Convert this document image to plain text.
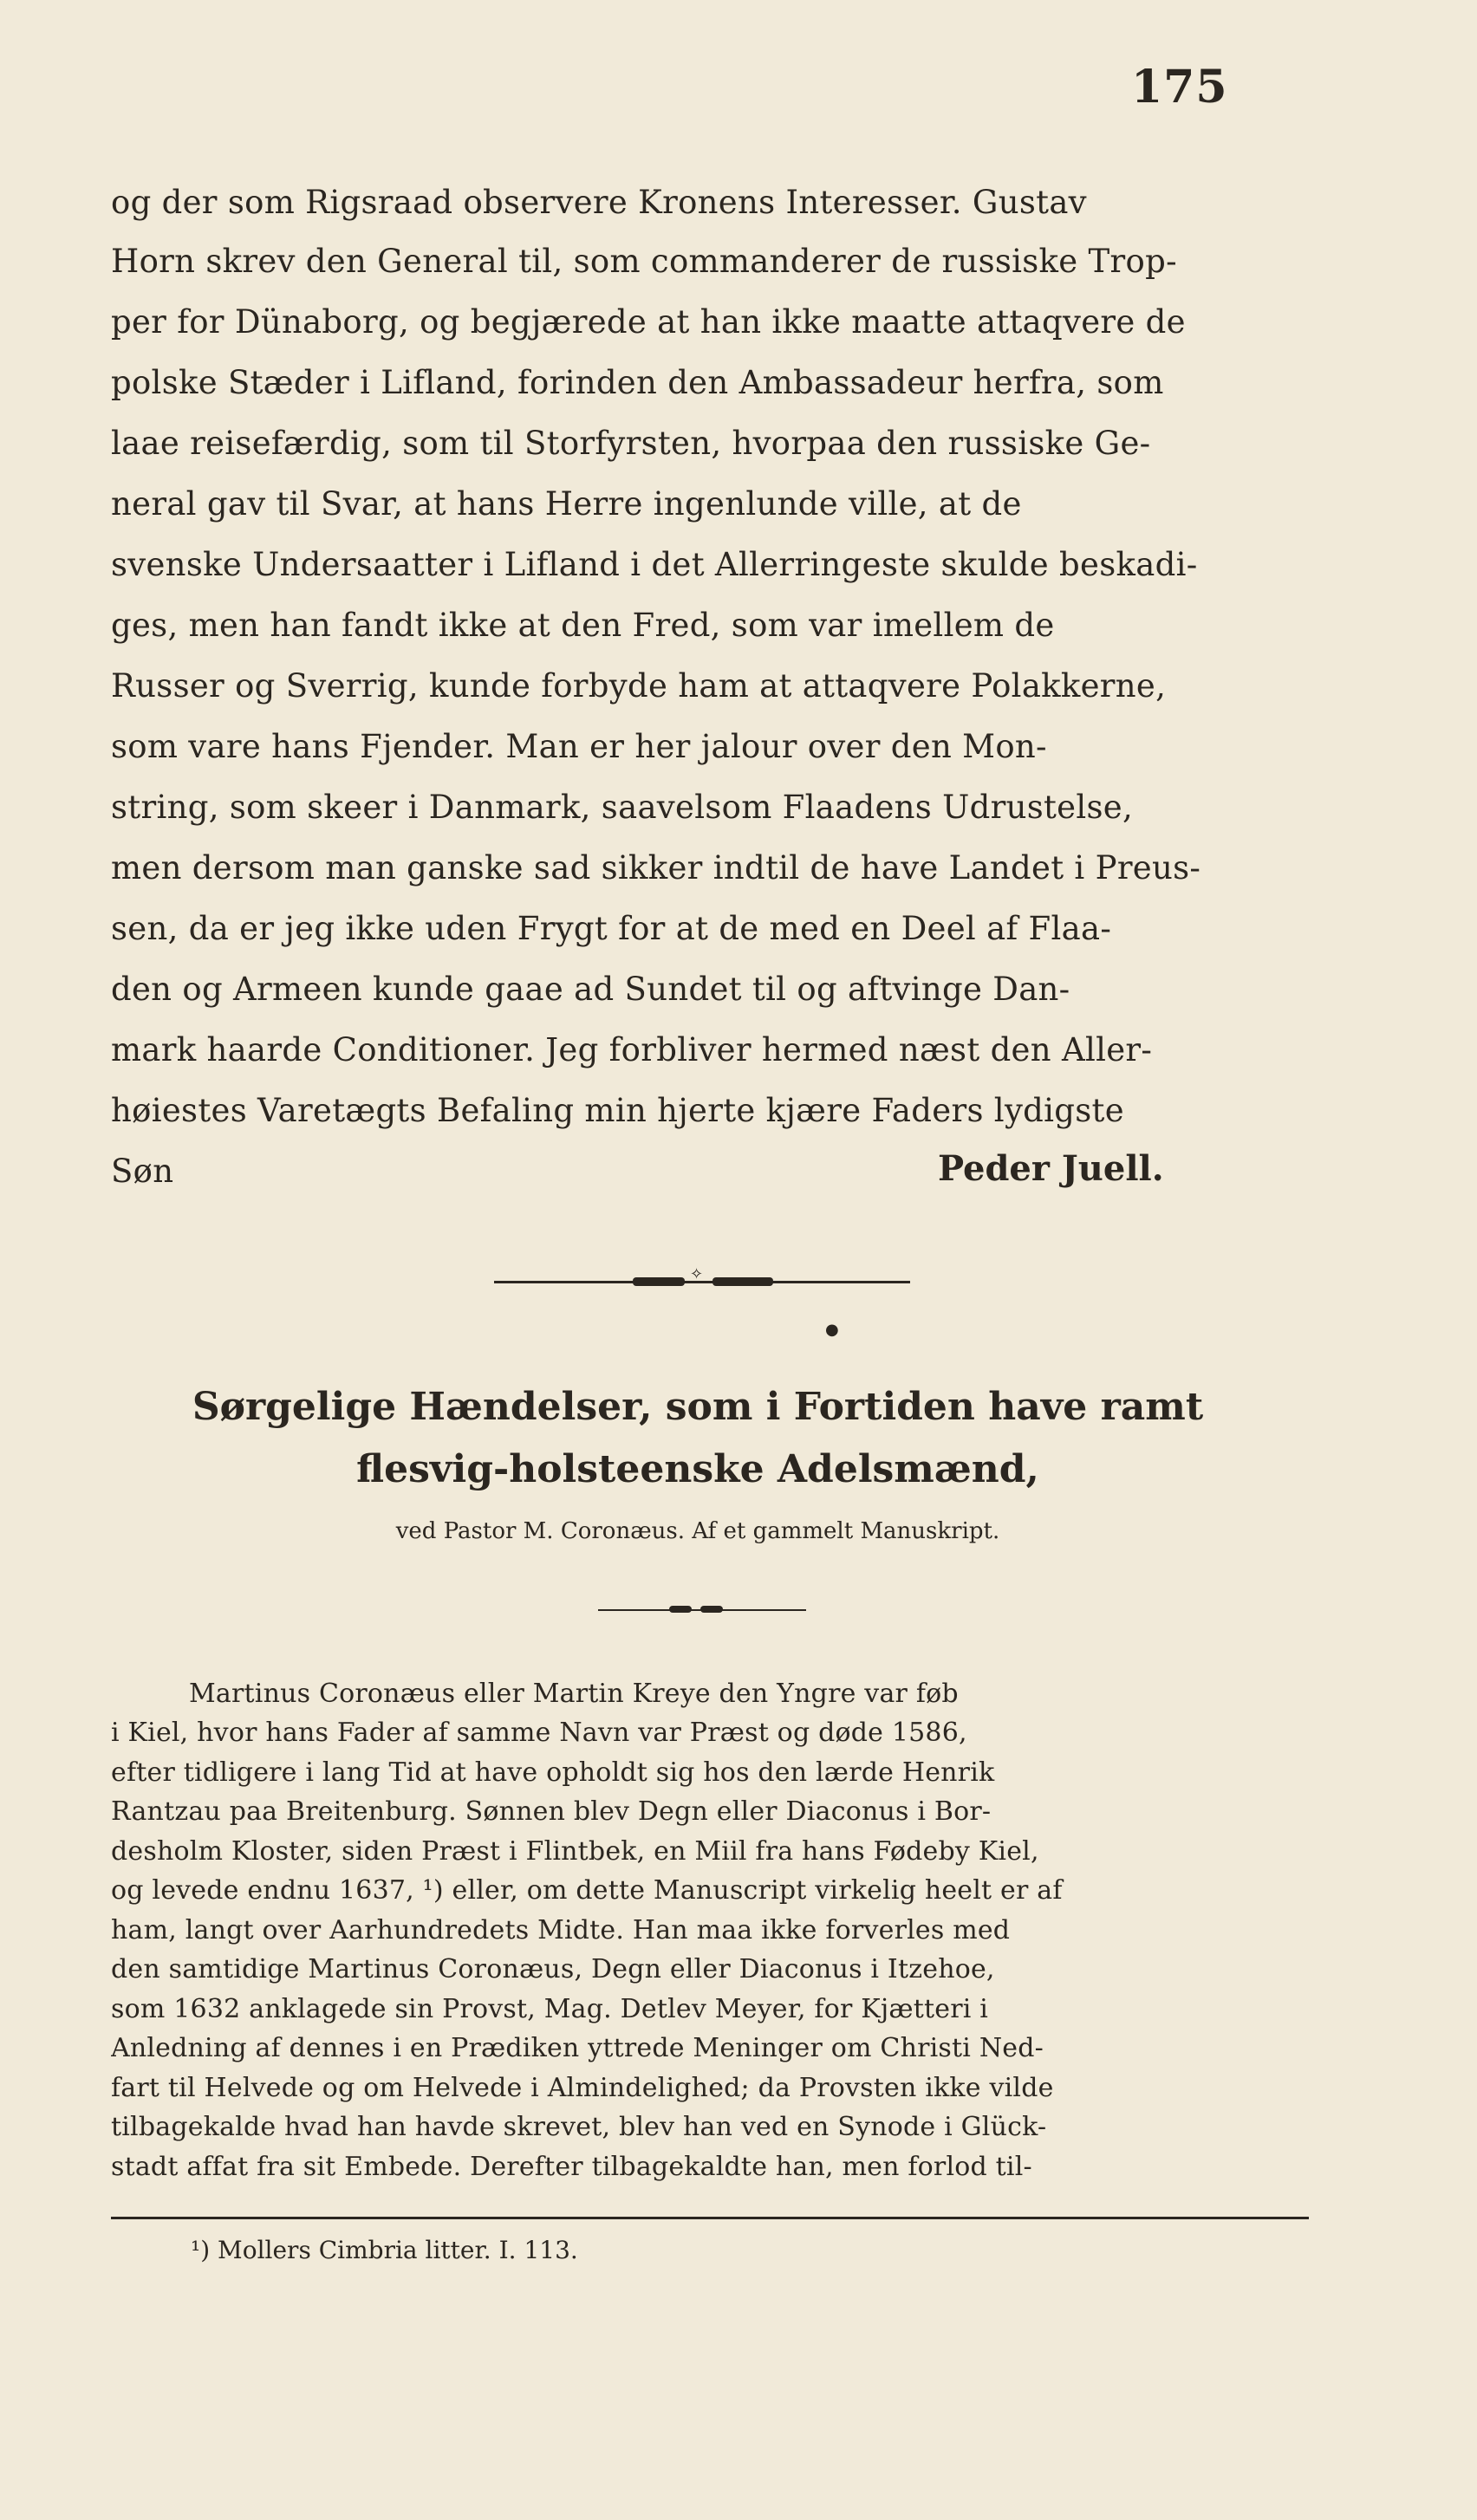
175
og der som Rigsraad observere Kronens Interesser. Gustav
Horn skrev den General til, som commanderer de russiske Trop-
per for Dünaborg, og begjærede at han ikke maatte attaqvere de
polske Stæder i Lifland, forinden den Ambassadeur herfra, som
laae reisefærdig, som til Storfyrsten, hvorpaa den russiske Ge-
neral gav til Svar, at hans Herre ingenlunde ville, at de
svenske Undersaatter i Lifland i det Allerringeste skulde beskadi-
ges, men han fandt ikke at den Fred, som var imellem de
Russer og Sverrig, kunde forbyde ham at attaqvere Polakkerne,
som vare hans Fjender. Man er her jalour over den Mon-
string, som skeer i Danmark, saavelsom Flaadens Udrustelse,
men dersom man ganske sad sikker indtil de have Landet i Preus-
sen, da er jeg ikke uden Frygt for at de med en Deel af Flaa-
den og Armeen kunde gaae ad Sundet til og aftvinge Dan-
mark haarde Conditioner. Jeg forbliver hermed næst den Aller-
høiestes Varetægts Befaling min hjerte kjære Faders lydigste
Søn	Peder Juell.
✧
●
Sørgelige Hændelser, som i Fortiden have ramt
flesvig-holsteenske Adelsmænd,
ved Pastor M. Coronæus. Af et gammelt Manuskript.
Martinus Coronæus eller Martin Kreye den Yngre var føb
i Kiel, hvor hans Fader af samme Navn var Præst og døde 1586,
efter tidligere i lang Tid at have opholdt sig hos den lærde Henrik
Rantzau paa Breitenburg. Sønnen blev Degn eller Diaconus i Bor-
desholm Kloster, siden Præst i Flintbek, en Miil fra hans Fødeby Kiel,
og levede endnu 1637, ¹) eller, om dette Manuscript virkelig heelt er af
ham, langt over Aarhundredets Midte. Han maa ikke forverles med
den samtidige Martinus Coronæus, Degn eller Diaconus i Itzehoe,
som 1632 anklagede sin Provst, Mag. Detlev Meyer, for Kjætteri i
Anledning af dennes i en Prædiken yttrede Meninger om Christi Ned-
fart til Helvede og om Helvede i Almindelighed; da Provsten ikke vilde
tilbagekalde hvad han havde skrevet, blev han ved en Synode i Glück-
stadt affat fra sit Embede. Derefter tilbagekaldte han, men forlod til-
¹) Mollers Cimbria litter. I. 113.
